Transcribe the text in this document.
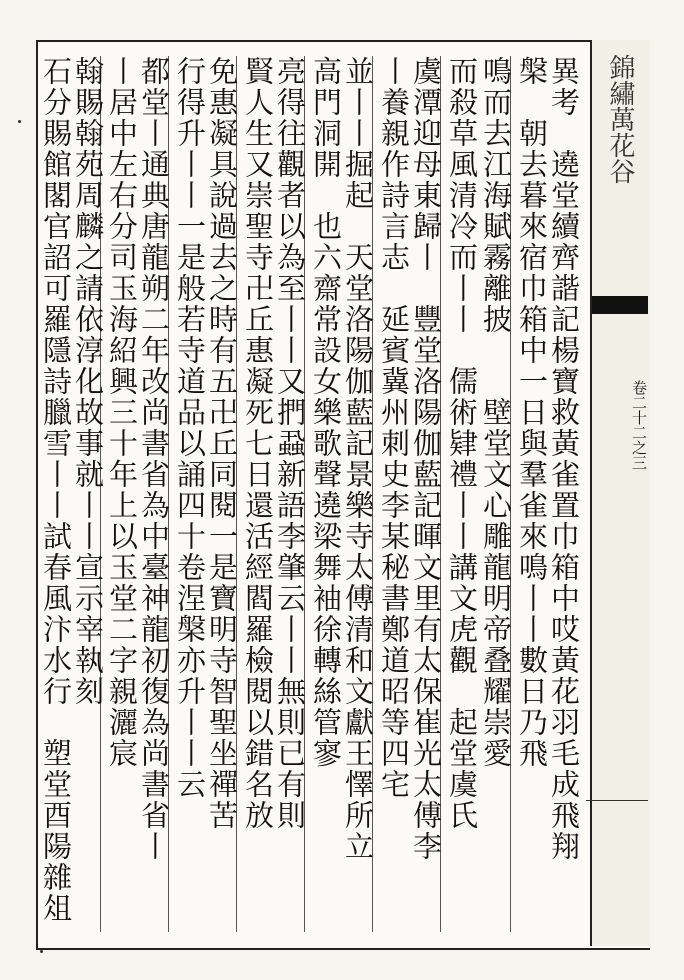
錦繡萬花谷
卷二十二之三
異考　遶堂續齊諧記楊寶救黃雀置巾箱中哎黃花羽毛成飛翔
槃　朝去暮來宿巾箱中一日與羣雀來鳴丨丨數日乃飛
鳴而去江海賦霧離披　　壁堂文心雕龍明帝叠耀崇愛
而殺草風清冷而丨丨　儒術肄禮丨丨講文虎觀　起堂虞氏
虞潭迎母東歸丨　豐堂洛陽伽藍記暉文里有太保崔光太傅李
丨養親作詩言志　延賓冀州刺史李某秘書鄭道昭等四宅
並丨丨掘起　天堂洛陽伽藍記景樂寺太傅清和文獻王懌所立
高門洞開　也六齋常設女樂歌聲遶梁舞袖徐轉絲管寥
亮得往觀者以為至丨丨又捫蝨新語李肇云丨丨無則已有則
賢人生又崇聖寺卍丘惠凝死七日還活經閻羅檢閱以錯名放
免惠凝具說過去之時有五卍丘同閱一是寶明寺智聖坐禪苦
行得升丨丨一是般若寺道品以誦四十卷涅槃亦升丨丨云
都堂丨通典唐龍朔二年改尚書省為中臺神龍初復為尚書省丨
丨居中左右分司玉海紹興三十年上以玉堂二字親灑宸
翰賜翰苑周麟之請依淳化故事就丨丨宣示宰執刻
石分賜館閣官詔可羅隱詩臘雪丨丨試春風汴水行　塑堂酉陽雜俎
